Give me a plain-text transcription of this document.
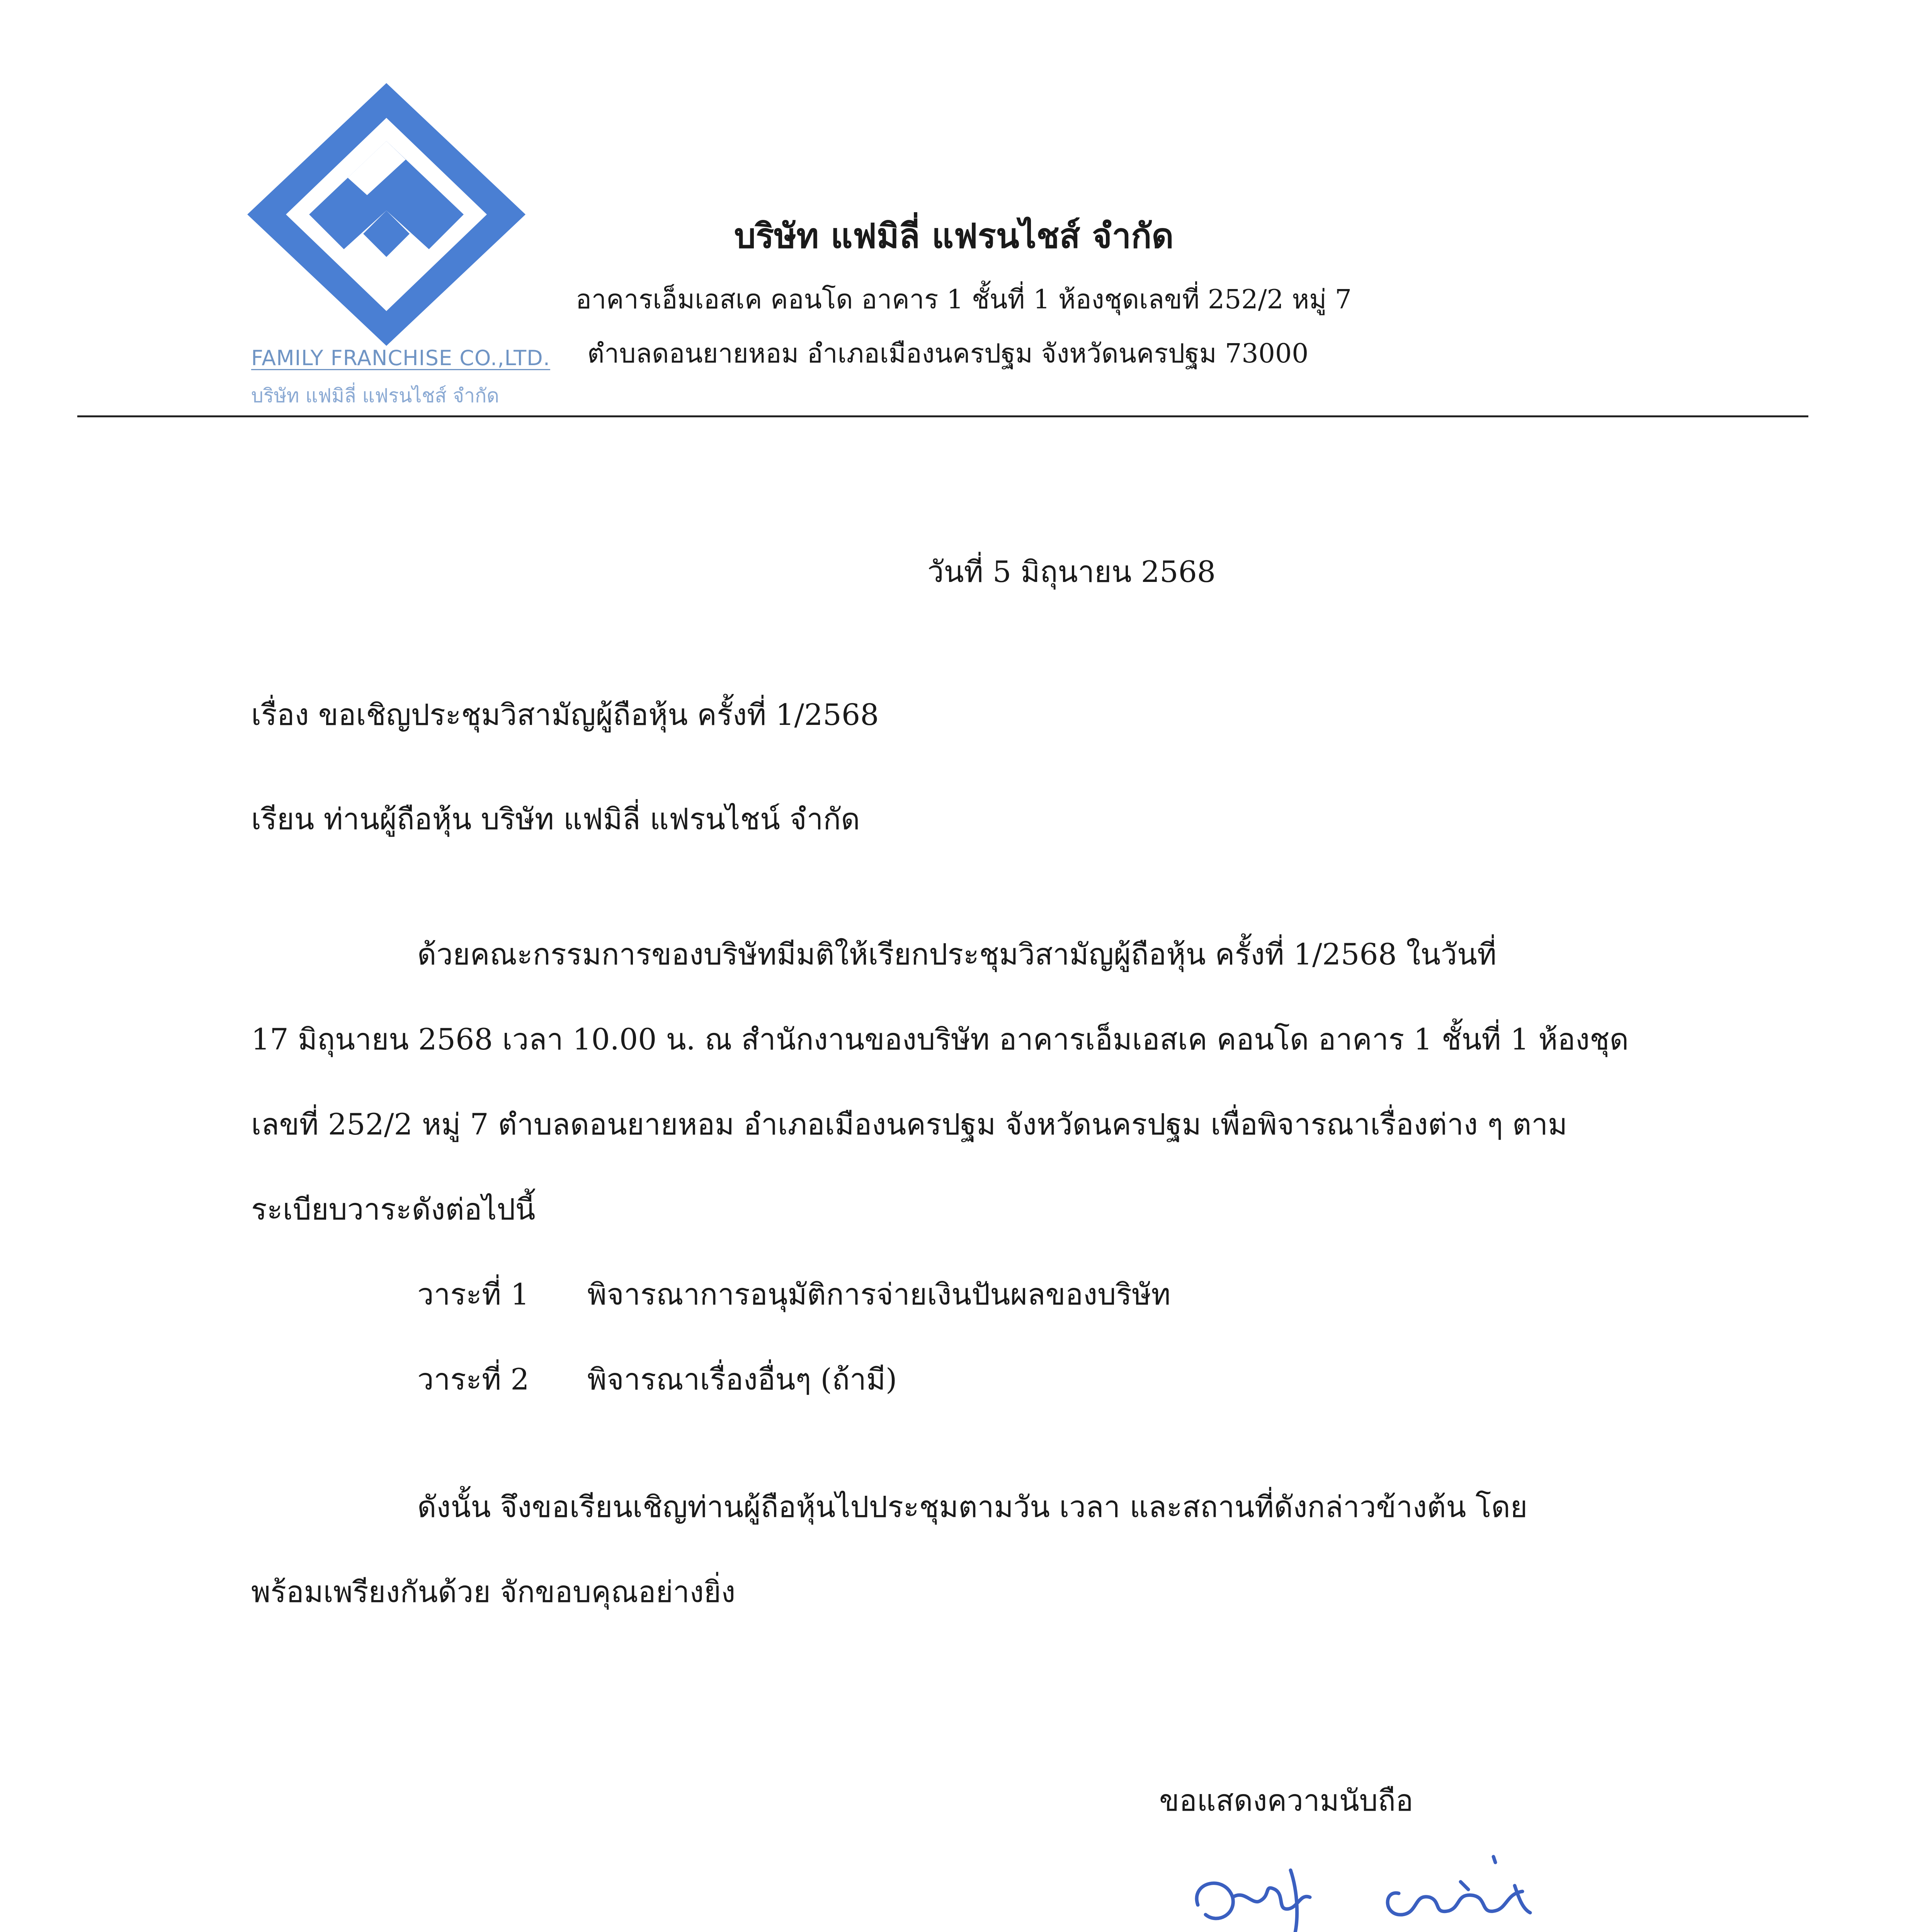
FAMILY FRANCHISE CO.,LTD.
บริษัท แฟมิลี่ แฟรนไชส์ จำกัด
บริษัท แฟมิลี่ แฟรนไชส์ จำกัด
อาคารเอ็มเอสเค คอนโด อาคาร 1 ชั้นที่ 1 ห้องชุดเลขที่ 252/2 หมู่ 7
ตำบลดอนยายหอม อำเภอเมืองนครปฐม จังหวัดนครปฐม 73000
วันที่ 5 มิถุนายน 2568
เรื่อง ขอเชิญประชุมวิสามัญผู้ถือหุ้น ครั้งที่ 1/2568
เรียน ท่านผู้ถือหุ้น บริษัท แฟมิลี่ แฟรนไชน์ จำกัด
ด้วยคณะกรรมการของบริษัทมีมติให้เรียกประชุมวิสามัญผู้ถือหุ้น ครั้งที่ 1/2568 ในวันที่
17 มิถุนายน 2568 เวลา 10.00 น. ณ สำนักงานของบริษัท อาคารเอ็มเอสเค คอนโด อาคาร 1 ชั้นที่ 1 ห้องชุด
เลขที่ 252/2 หมู่ 7 ตำบลดอนยายหอม อำเภอเมืองนครปฐม จังหวัดนครปฐม เพื่อพิจารณาเรื่องต่าง ๆ ตาม
ระเบียบวาระดังต่อไปนี้
วาระที่ 1 พิจารณาการอนุมัติการจ่ายเงินปันผลของบริษัท
วาระที่ 2 พิจารณาเรื่องอื่นๆ (ถ้ามี)
ดังนั้น จึงขอเรียนเชิญท่านผู้ถือหุ้นไปประชุมตามวัน เวลา และสถานที่ดังกล่าวข้างต้น โดย
พร้อมเพรียงกันด้วย จักขอบคุณอย่างยิ่ง
ขอแสดงความนับถือ
